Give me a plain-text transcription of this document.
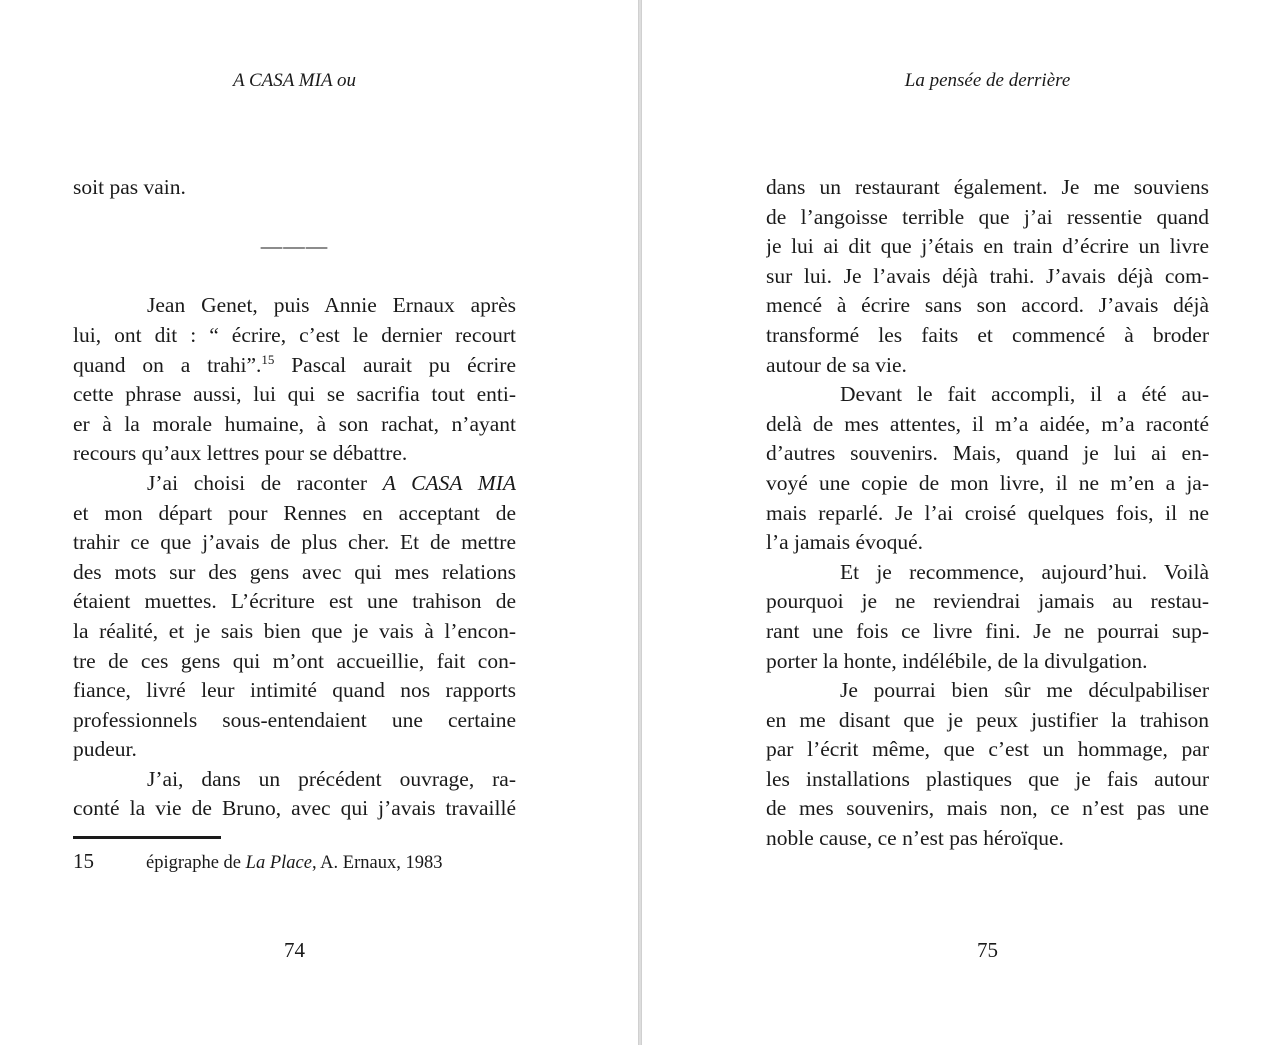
A CASA MIA ou
soit pas vain.
———
Jean Genet, puis Annie Ernaux après
lui, ont dit : “ écrire, c’est le dernier recourt
quand on a trahi”.$^{15}$ Pascal aurait pu écrire
cette phrase aussi, lui qui se sacrifia tout enti-
er à la morale humaine, à son rachat, n’ayant
recours qu’aux lettres pour se débattre.
J’ai choisi de raconter A CASA MIA
et mon départ pour Rennes en acceptant de
trahir ce que j’avais de plus cher. Et de mettre
des mots sur des gens avec qui mes relations
étaient muettes. L’écriture est une trahison de
la réalité, et je sais bien que je vais à l’encon-
tre de ces gens qui m’ont accueillie, fait con-
fiance, livré leur intimité quand nos rapports
professionnels sous-entendaient une certaine
pudeur.
J’ai, dans un précédent ouvrage, ra-
conté la vie de Bruno, avec qui j’avais travaillé
15	épigraphe de La Place, A. Ernaux, 1983
74
La pensée de derrière
dans un restaurant également. Je me souviens
de l’angoisse terrible que j’ai ressentie quand
je lui ai dit que j’étais en train d’écrire un livre
sur lui. Je l’avais déjà trahi. J’avais déjà com-
mencé à écrire sans son accord. J’avais déjà
transformé les faits et commencé à broder
autour de sa vie.
Devant le fait accompli, il a été au-
delà de mes attentes, il m’a aidée, m’a raconté
d’autres souvenirs. Mais, quand je lui ai en-
voyé une copie de mon livre, il ne m’en a ja-
mais reparlé. Je l’ai croisé quelques fois, il ne
l’a jamais évoqué.
Et je recommence, aujourd’hui. Voilà
pourquoi je ne reviendrai jamais au restau-
rant une fois ce livre fini. Je ne pourrai sup-
porter la honte, indélébile, de la divulgation.
Je pourrai bien sûr me déculpabiliser
en me disant que je peux justifier la trahison
par l’écrit même, que c’est un hommage, par
les installations plastiques que je fais autour
de mes souvenirs, mais non, ce n’est pas une
noble cause, ce n’est pas héroïque.
75
